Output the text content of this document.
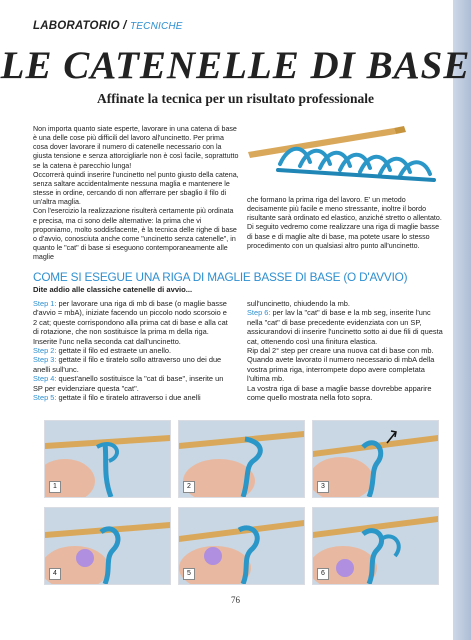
LABORATORIO / TECNICHE
LE CATENELLE DI BASE
Affinate la tecnica per un risultato professionale

Non importa quanto siate esperte, lavorare in una catena di base è una delle cose più difficili del lavoro all'uncinetto. Per prima cosa dover lavorare il numero di catenelle necessario con la giusta tensione e senza attorcigliarle non è così facile, soprattutto se la catena è parecchio lunga!

Occorrerà quindi inserire l'uncinetto nel punto giusto della catena, senza saltare accidentalmente nessuna maglia e mantenere le stesse in ordine, cercando di non afferrare per sbaglio il filo di un'altra maglia.

Con l'esercizio la realizzazione risulterà certamente più ordinata e precisa, ma ci sono delle alternative: la prima che vi proponiamo, molto soddisfacente, è la tecnica delle righe di base o d'avvio, conosciuta anche come "uncinetto senza catenelle", in quanto le "cat" di base si eseguono contemporaneamente alle maglie

che formano la prima riga del lavoro. E' un metodo decisamente più facile e meno stressante, inoltre il bordo risultante sarà ordinato ed elastico, anziché stretto o allentato.

Di seguito vedremo come realizzare una riga di maglie basse di base e di maglie alte di base, ma potete usare lo stesso procedimento con un qualsiasi altro punto all'uncinetto.

COME SI ESEGUE UNA RIGA DI MAGLIE BASSE DI BASE (O D'AVVIO)
Dite addio alle classiche catenelle di avvio...

Step 1: per lavorare una riga di mb di base (o maglie basse d'avvio = mbA), iniziate facendo un piccolo nodo scorsoio e 2 cat; queste corrispondono alla prima cat di base e alla cat di rotazione, che non sostituisce la prima m della riga. Inserite l'unc nella seconda cat dall'uncinetto.

Step 2: gettate il filo ed estraete un anello.

Step 3: gettate il filo e tiratelo sollo attraverso uno dei due anelli sull'unc.

Step 4: quest'anello sostituisce la "cat di base", inserite un SP per evidenziare questa "cat".

Step 5: gettate il filo e tiratelo attraverso i due anelli

sull'uncinetto, chiudendo la mb.

Step 6: per lav la "cat" di base e la mb seg, inserite l'unc nella "cat" di base precedente evidenziata con un SP, assicurandovi di inserire l'uncinetto sotto ai due fili di questa cat, ottenendo così una finitura elastica.

Rip dal 2° step per creare una nuova cat di base con mb. Quando avete lavorato il numero necessario di mbA della vostra prima riga, interrompete dopo avere completata l'ultima mb.

La vostra riga di base a maglie basse dovrebbe apparire come quello mostrata nella foto sopra.

1	2	3
4	5	6
76
